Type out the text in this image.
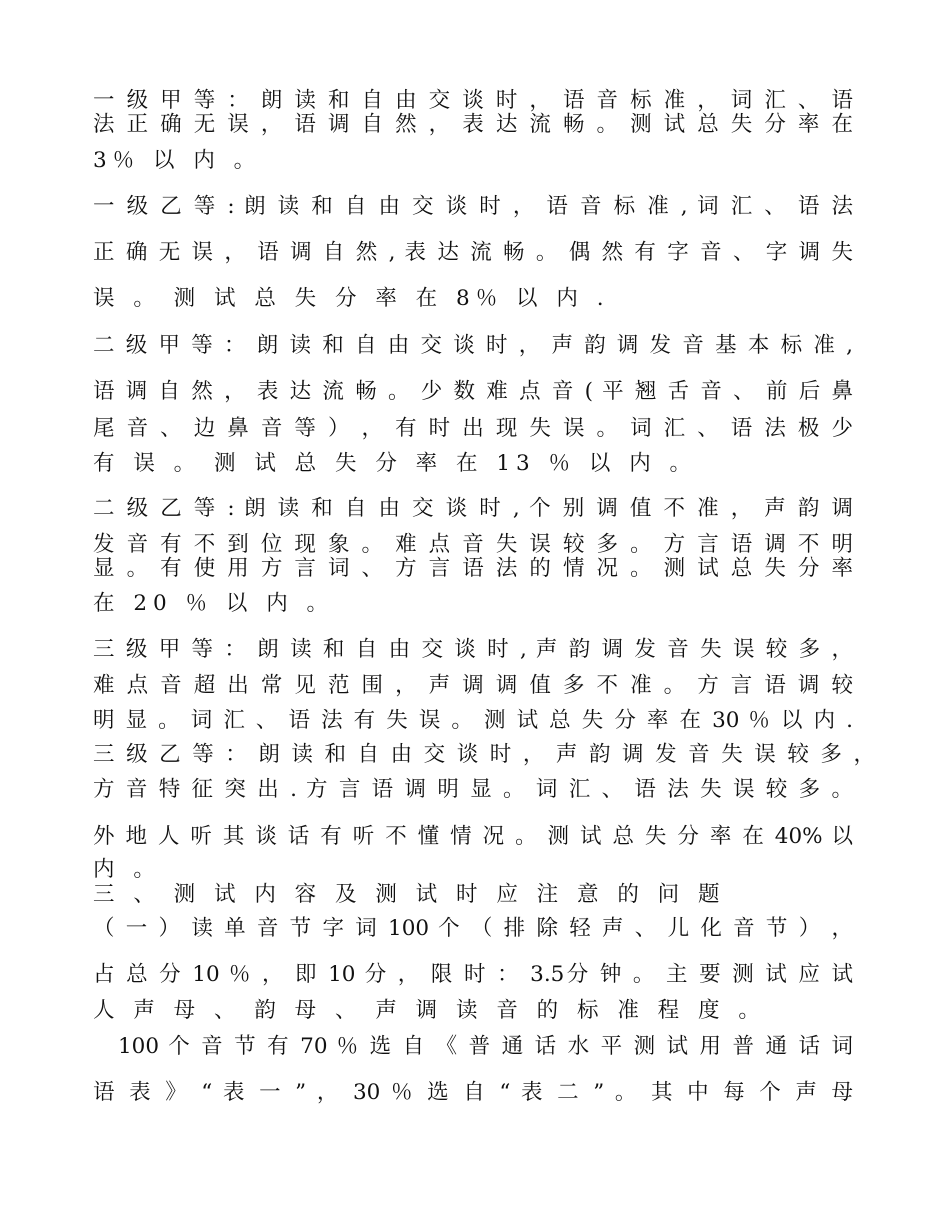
一 级 甲 等 ： 朗 读 和 自 由 交 谈 时 ， 语 音 标 准 ， 词 汇 、 语
法 正 确 无 误 ， 语 调 自 然 ， 表 达 流 畅 。 测 试 总 失 分 率 在
3％ 以 内 。
一 级 乙 等 : 朗 读 和 自 由 交 谈 时 ， 语 音 标 准 , 词 汇 、 语 法
正 确 无 误 ， 语 调 自 然 , 表 达 流 畅 。 偶 然 有 字 音 、 字 调 失
误 。 测 试 总 失 分 率 在 8％ 以 内 .
二 级 甲 等 ： 朗 读 和 自 由 交 谈 时 ， 声 韵 调 发 音 基 本 标 准 ,
语 调 自 然 ， 表 达 流 畅 。 少 数 难 点 音 ( 平 翘 舌 音 、 前 后 鼻
尾 音 、 边 鼻 音 等 ） ， 有 时 出 现 失 误 。 词 汇 、 语 法 极 少
有 误 。 测 试 总 失 分 率 在 13 ％ 以 内 。
二 级 乙 等 : 朗 读 和 自 由 交 谈 时 , 个 别 调 值 不 准 ， 声 韵 调
发 音 有 不 到 位 现 象 。 难 点 音 失 误 较 多 。 方 言 语 调 不 明
显 。 有 使 用 方 言 词 、 方 言 语 法 的 情 况 。 测 试 总 失 分 率
在 20 ％ 以 内 。
三 级 甲 等 ： 朗 读 和 自 由 交 谈 时 , 声 韵 调 发 音 失 误 较 多 ，
难 点 音 超 出 常 见 范 围 ， 声 调 调 值 多 不 准 。 方 言 语 调 较
明 显 。 词 汇 、 语 法 有 失 误 。 测 试 总 失 分 率 在 30 ％ 以 内 .
三 级 乙 等 ： 朗 读 和 自 由 交 谈 时 ， 声 韵 调 发 音 失 误 较 多 ，
方 音 特 征 突 出 . 方 言 语 调 明 显 。 词 汇 、 语 法 失 误 较 多 。
外 地 人 听 其 谈 话 有 听 不 懂 情 况 。 测 试 总 失 分 率 在 40% 以
内 。
三 、 测 试 内 容 及 测 试 时 应 注 意 的 问 题
（ 一 ） 读 单 音 节 字 词 100 个 （ 排 除 轻 声 、 儿 化 音 节 ） ，
占 总 分 10 ％ ， 即 10 分 ， 限 时 ： 3.5分 钟 。 主 要 测 试 应 试
人 声 母 、 韵 母 、 声 调 读 音 的 标 准 程 度 。
100 个 音 节 有 70 ％ 选 自 《 普 通 话 水 平 测 试 用 普 通 话 词
语 表 》 “ 表 一 ” ， 30 ％ 选 自 “ 表 二 ” 。 其 中 每 个 声 母
